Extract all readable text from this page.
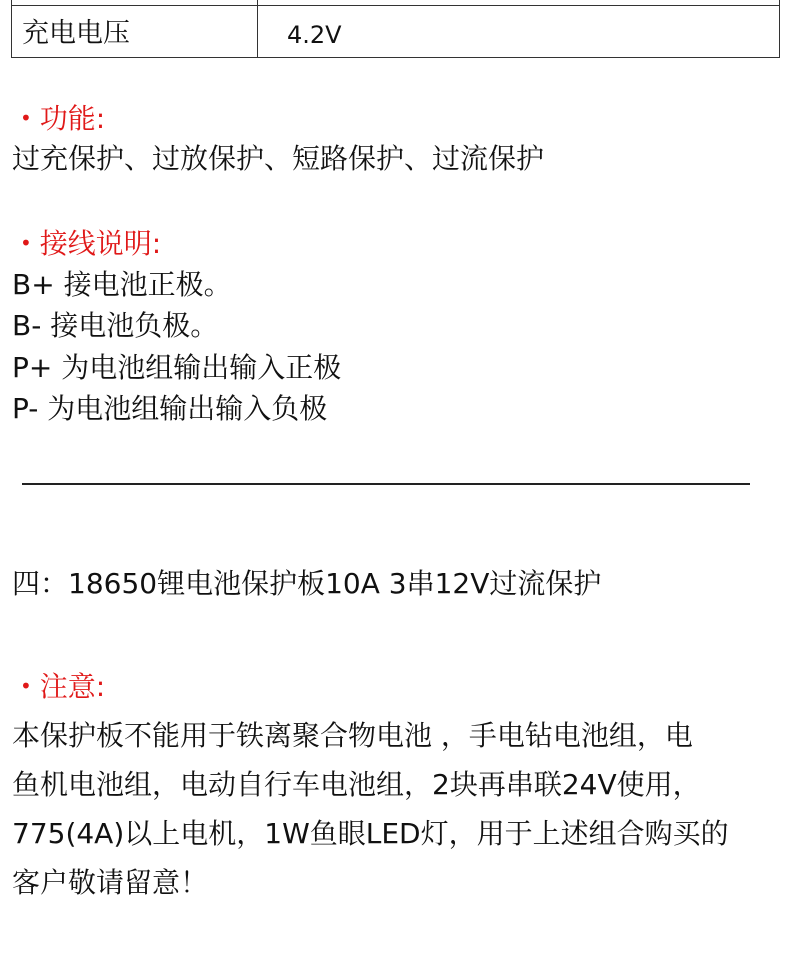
充电电压	4.2V
• 功能:
过充保护、过放保护、短路保护、过流保护
• 接线说明:
B+ 接电池正极。
B- 接电池负极。
P+ 为电池组输出输入正极
P- 为电池组输出输入负极
四：18650锂电池保护板10A 3串12V过流保护
• 注意:
本保护板不能用于铁离聚合物电池 ，手电钻电池组，电
鱼机电池组，电动自行车电池组，2块再串联24V使用，
775(4A)以上电机，1W鱼眼LED灯，用于上述组合购买的
客户敬请留意！
